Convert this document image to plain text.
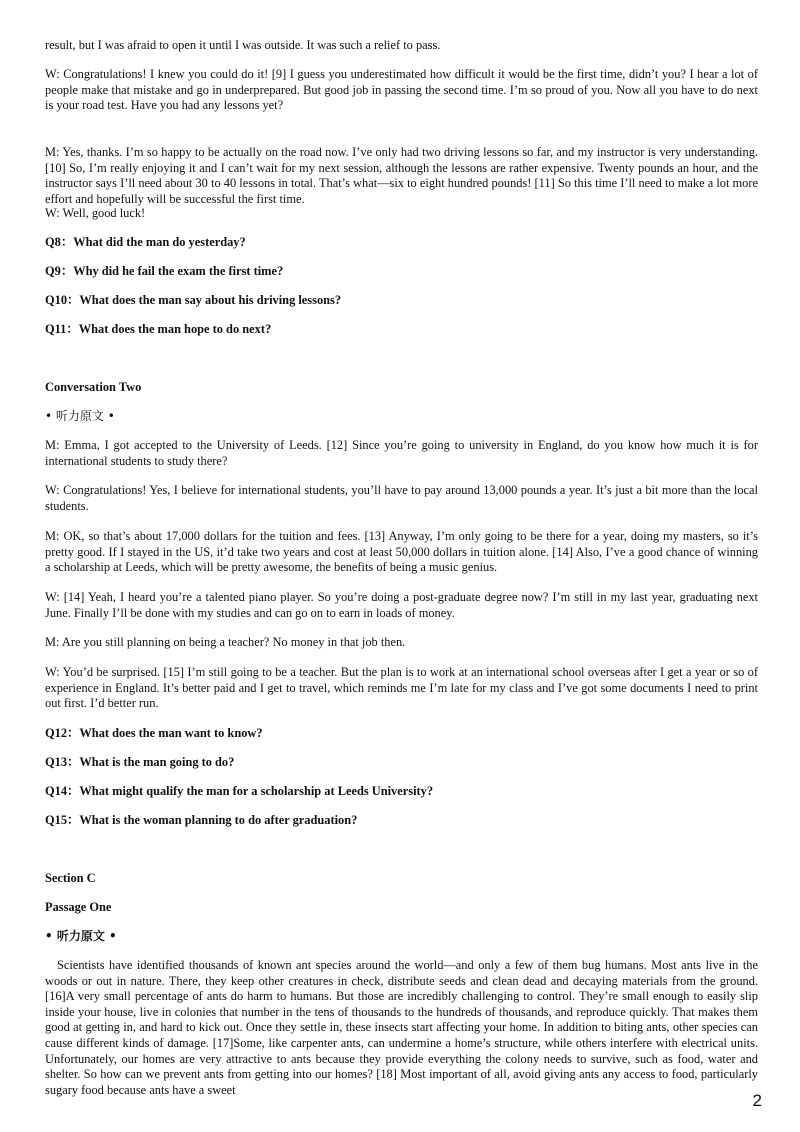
result, but I was afraid to open it until I was outside. It was such a relief to pass.

W: Congratulations! I knew you could do it! [9] I guess you underestimated how difficult it would be the first time, didn’t you? I hear a lot of people make that mistake and go in underprepared. But good job in passing the second time. I’m so proud of you. Now all you have to do next is your road test. Have you had any lessons yet?

M: Yes, thanks. I’m so happy to be actually on the road now. I’ve only had two driving lessons so far, and my instructor is very understanding. [10] So, I’m really enjoying it and I can’t wait for my next session, although the lessons are rather expensive. Twenty pounds an hour, and the instructor says I’ll need about 30 to 40 lessons in total. That’s what—six to eight hundred pounds! [11] So this time I’ll need to make a lot more effort and hopefully will be successful the first time.

W: Well, good luck!

Q8：What did the man do yesterday?

Q9：Why did he fail the exam the first time?

Q10：What does the man say about his driving lessons?

Q11：What does the man hope to do next?

Conversation Two

• 听力原文 •

M: Emma, I got accepted to the University of Leeds. [12] Since you’re going to university in England, do you know how much it is for international students to study there?

W: Congratulations! Yes, I believe for international students, you’ll have to pay around 13,000 pounds a year. It’s just a bit more than the local students.

M: OK, so that’s about 17,000 dollars for the tuition and fees. [13] Anyway, I’m only going to be there for a year, doing my masters, so it’s pretty good. If I stayed in the US, it’d take two years and cost at least 50,000 dollars in tuition alone. [14] Also, I’ve a good chance of winning a scholarship at Leeds, which will be pretty awesome, the benefits of being a music genius.

W: [14] Yeah, I heard you’re a talented piano player. So you’re doing a post-graduate degree now? I’m still in my last year, graduating next June. Finally I’ll be done with my studies and can go on to earn in loads of money.

M: Are you still planning on being a teacher? No money in that job then.

W: You’d be surprised. [15] I’m still going to be a teacher. But the plan is to work at an international school overseas after I get a year or so of experience in England. It’s better paid and I get to travel, which reminds me I’m late for my class and I’ve got some documents I need to print out first. I’d better run.

Q12：What does the man want to know?

Q13：What is the man going to do?

Q14：What might qualify the man for a scholarship at Leeds University?

Q15：What is the woman planning to do after graduation?

Section C

Passage One

• 听力原文 •

Scientists have identified thousands of known ant species around the world—and only a few of them bug humans. Most ants live in the woods or out in nature. There, they keep other creatures in check, distribute seeds and clean dead and decaying materials from the ground. [16]A very small percentage of ants do harm to humans. But those are incredibly challenging to control. They’re small enough to easily slip inside your house, live in colonies that number in the tens of thousands to the hundreds of thousands, and reproduce quickly. That makes them good at getting in, and hard to kick out. Once they settle in, these insects start affecting your home. In addition to biting ants, other species can cause different kinds of damage. [17]Some, like carpenter ants, can undermine a home’s structure, while others interfere with electrical units. Unfortunately, our homes are very attractive to ants because they provide everything the colony needs to survive, such as food, water and shelter. So how can we prevent ants from getting into our homes? [18] Most important of all, avoid giving ants any access to food, particularly sugary food because ants have a sweet

2
